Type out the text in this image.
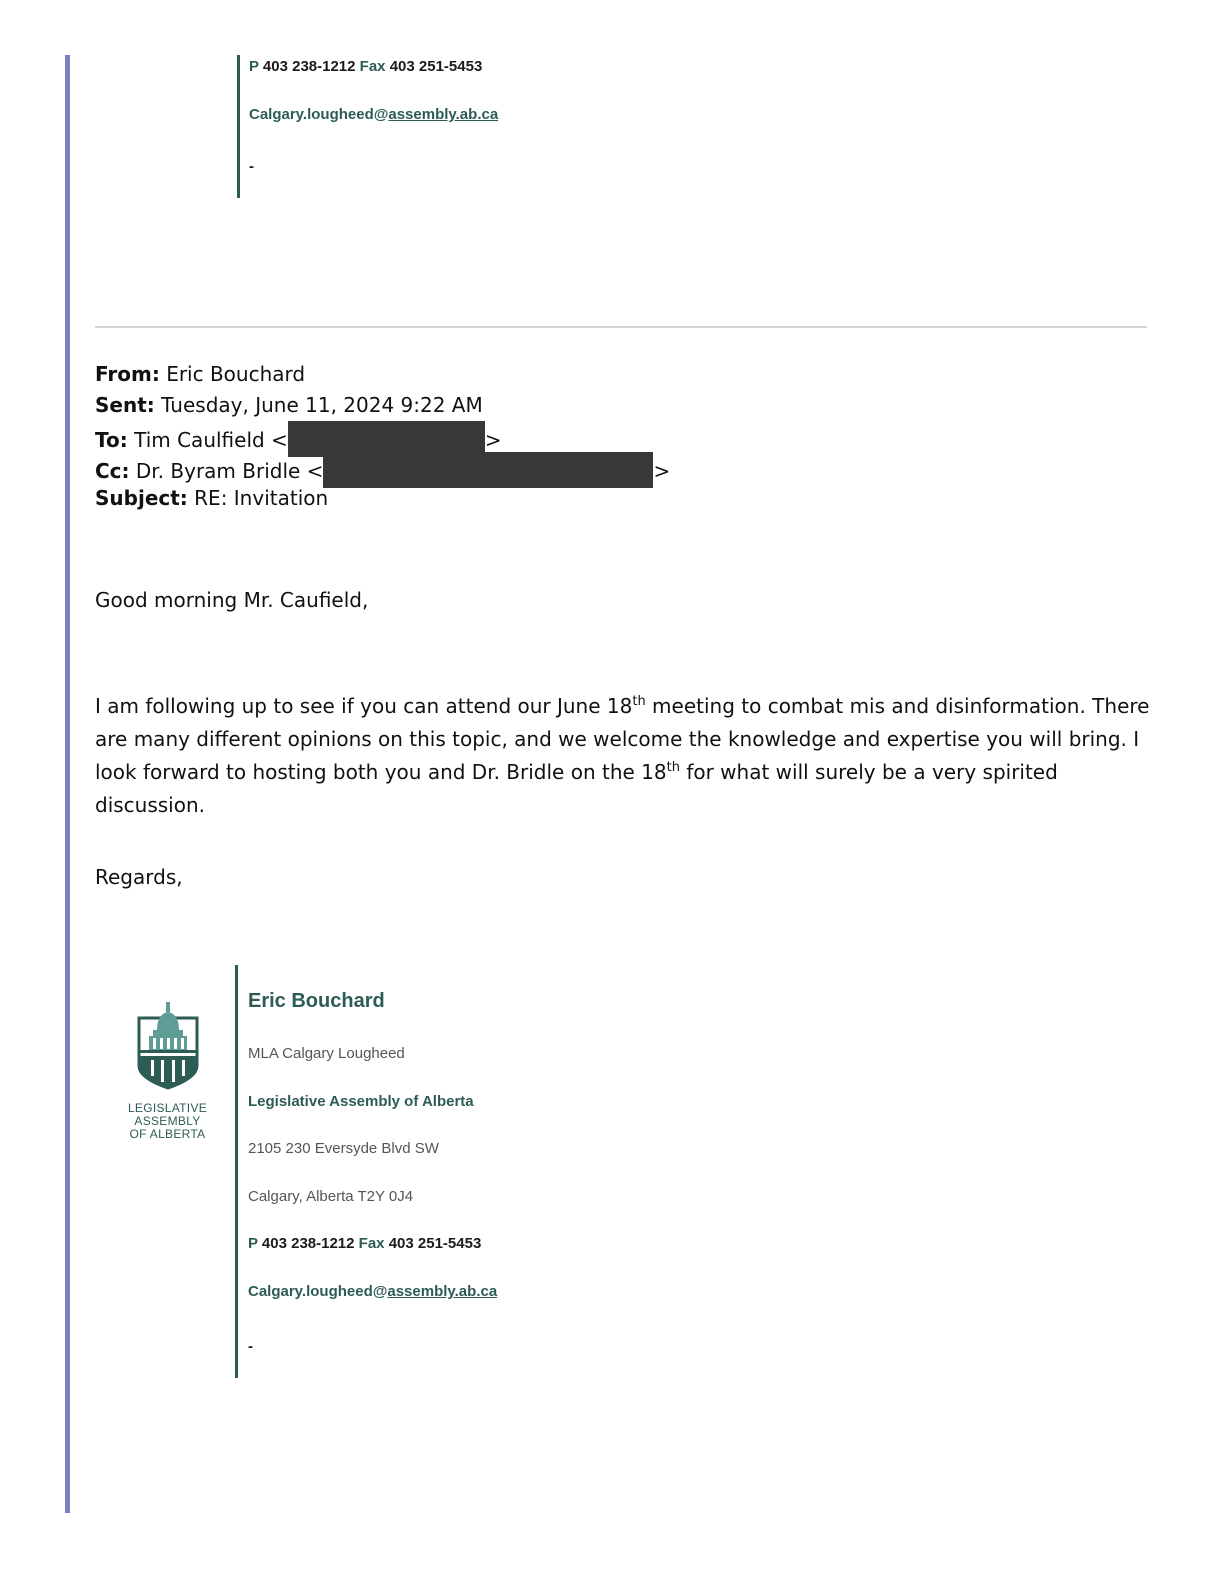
P 403 238-1212 Fax 403 251-5453
Calgary.lougheed@assembly.ab.ca
-
From: Eric Bouchard
Sent: Tuesday, June 11, 2024 9:22 AM
To: Tim Caulfield <	>
Cc: Dr. Byram Bridle <	>
Subject: RE: Invitation
Good morning Mr. Caufield,
I am following up to see if you can attend our June 18th meeting to combat mis and disinformation. There are many different opinions on this topic, and we welcome the knowledge and expertise you will bring. I look forward to hosting both you and Dr. Bridle on the 18th for what will surely be a very spirited discussion.
Regards,
LEGISLATIVE
ASSEMBLY
OF ALBERTA
Eric Bouchard
MLA Calgary Lougheed
Legislative Assembly of Alberta
2105 230 Eversyde Blvd SW
Calgary, Alberta T2Y 0J4
P 403 238-1212 Fax 403 251-5453
Calgary.lougheed@assembly.ab.ca
-
